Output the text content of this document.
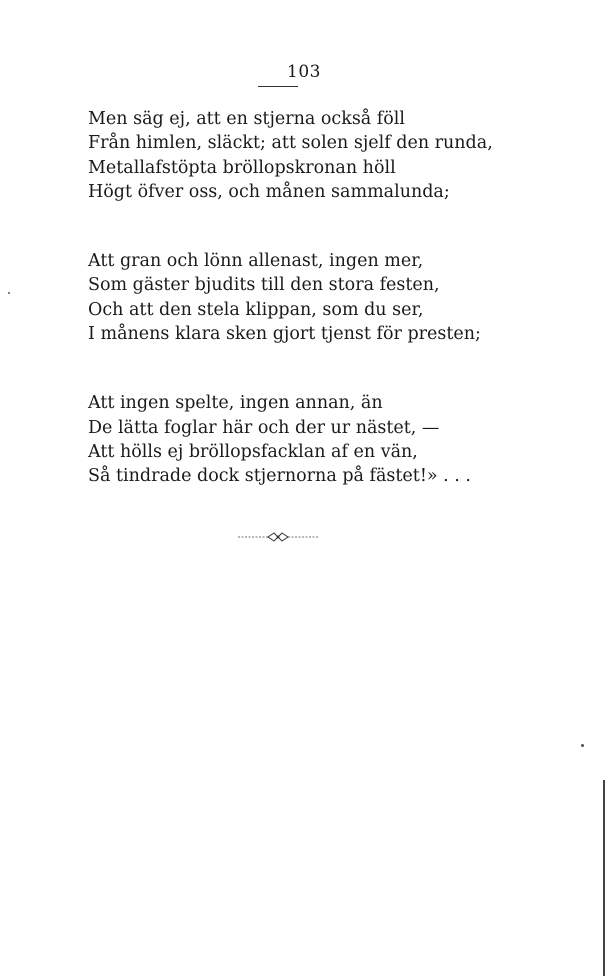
103
Men säg ej, att en stjerna också föll
Från himlen, släckt; att solen sjelf den runda,
Metallafstöpta bröllopskronan höll
Högt öfver oss, och månen sammalunda;
Att gran och lönn allenast, ingen mer,
Som gäster bjudits till den stora festen,
Och att den stela klippan, som du ser,
I månens klara sken gjort tjenst för presten;
Att ingen spelte, ingen annan, än
De lätta foglar här och der ur nästet, —
Att hölls ej bröllopsfacklan af en vän,
Så tindrade dock stjernorna på fästet!» . . .
